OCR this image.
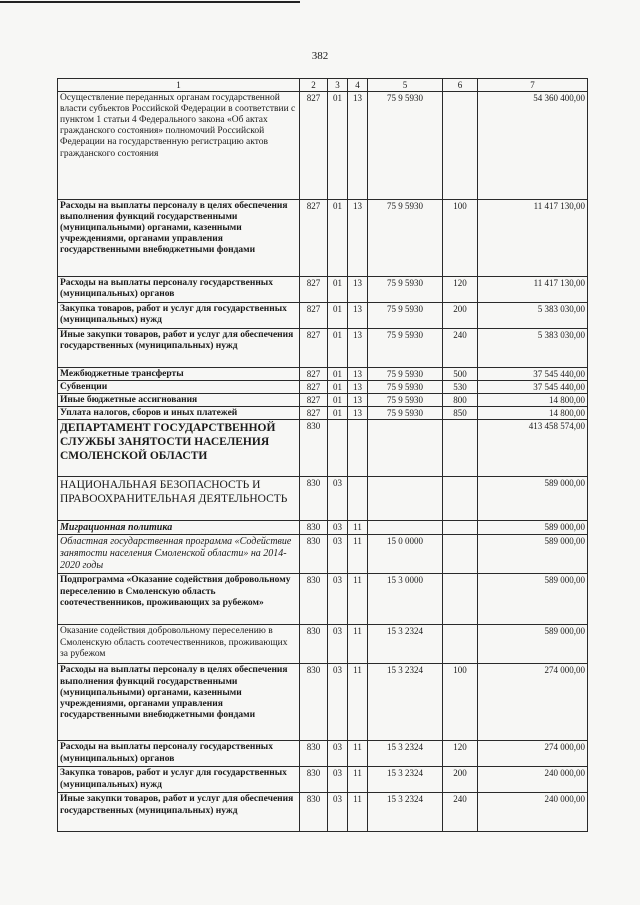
382
1	2	3	4	5	6	7
Осуществление переданных органам государственной власти субъектов Российской Федерации в соответствии с пунктом 1 статьи 4 Федерального закона «Об актах гражданского состояния» полномочий Российской Федерации на государственную регистрацию актов гражданского состояния	827	01	13	75 9 5930		54 360 400,00
Расходы на выплаты персоналу в целях обеспечения выполнения функций государственными (муниципальными) органами, казенными учреждениями, органами управления государственными внебюджетными фондами	827	01	13	75 9 5930	100	11 417 130,00
Расходы на выплаты персоналу государственных (муниципальных) органов	827	01	13	75 9 5930	120	11 417 130,00
Закупка товаров, работ и услуг для государственных (муниципальных) нужд	827	01	13	75 9 5930	200	5 383 030,00
Иные закупки товаров, работ и услуг для обеспечения государственных (муниципальных) нужд	827	01	13	75 9 5930	240	5 383 030,00
Межбюджетные трансферты	827	01	13	75 9 5930	500	37 545 440,00
Субвенции	827	01	13	75 9 5930	530	37 545 440,00
Иные бюджетные ассигнования	827	01	13	75 9 5930	800	14 800,00
Уплата налогов, сборов и иных платежей	827	01	13	75 9 5930	850	14 800,00
ДЕПАРТАМЕНТ ГОСУДАРСТВЕННОЙ СЛУЖБЫ ЗАНЯТОСТИ НАСЕЛЕНИЯ СМОЛЕНСКОЙ ОБЛАСТИ	830					413 458 574,00
НАЦИОНАЛЬНАЯ БЕЗОПАСНОСТЬ И ПРАВООХРАНИТЕЛЬНАЯ ДЕЯТЕЛЬНОСТЬ	830	03				589 000,00
Миграционная политика	830	03	11			589 000,00
Областная государственная программа «Содействие занятости населения Смоленской области» на 2014-2020 годы	830	03	11	15 0 0000		589 000,00
Подпрограмма «Оказание содействия добровольному переселению в Смоленскую область соотечественников, проживающих за рубежом»	830	03	11	15 3 0000		589 000,00
Оказание содействия добровольному переселению в Смоленскую область соотечественников, проживающих за рубежом	830	03	11	15 3 2324		589 000,00
Расходы на выплаты персоналу в целях обеспечения выполнения функций государственными (муниципальными) органами, казенными учреждениями, органами управления государственными внебюджетными фондами	830	03	11	15 3 2324	100	274 000,00
Расходы на выплаты персоналу государственных (муниципальных) органов	830	03	11	15 3 2324	120	274 000,00
Закупка товаров, работ и услуг для государственных (муниципальных) нужд	830	03	11	15 3 2324	200	240 000,00
Иные закупки товаров, работ и услуг для обеспечения государственных (муниципальных) нужд	830	03	11	15 3 2324	240	240 000,00
